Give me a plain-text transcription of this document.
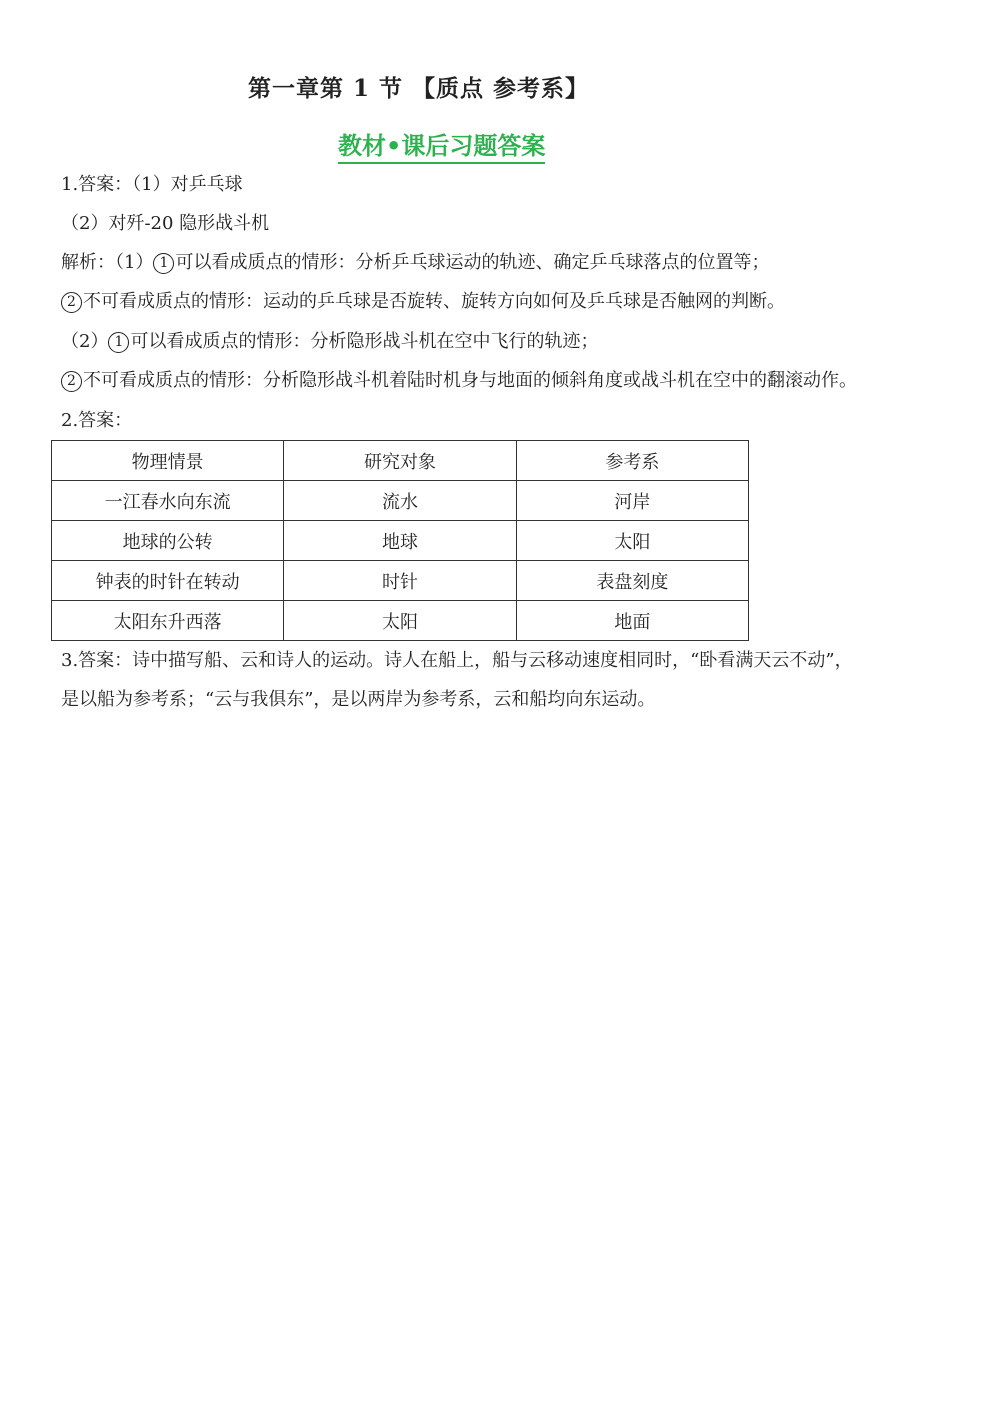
第一章第 1 节 【质点 参考系】
教材•课后习题答案
1.答案：（1）对乒乓球
（2）对歼-20 隐形战斗机
解析：（1） 1 可以看成质点的情形：分析乒乓球运动的轨迹、确定乒乓球落点的位置等；
2 不可看成质点的情形：运动的乒乓球是否旋转、旋转方向如何及乒乓球是否触网的判断。
（2） 1 可以看成质点的情形：分析隐形战斗机在空中飞行的轨迹；
2 不可看成质点的情形：分析隐形战斗机着陆时机身与地面的倾斜角度或战斗机在空中的翻滚动作。
2.答案：
物理情景	研究对象	参考系
一江春水向东流	流水	河岸
地球的公转	地球	太阳
钟表的时针在转动	时针	表盘刻度
太阳东升西落	太阳	地面
3.答案：诗中描写船、云和诗人的运动。诗人在船上，船与云移动速度相同时，“卧看满天云不动”，
是以船为参考系；“云与我俱东”，是以两岸为参考系，云和船均向东运动。
